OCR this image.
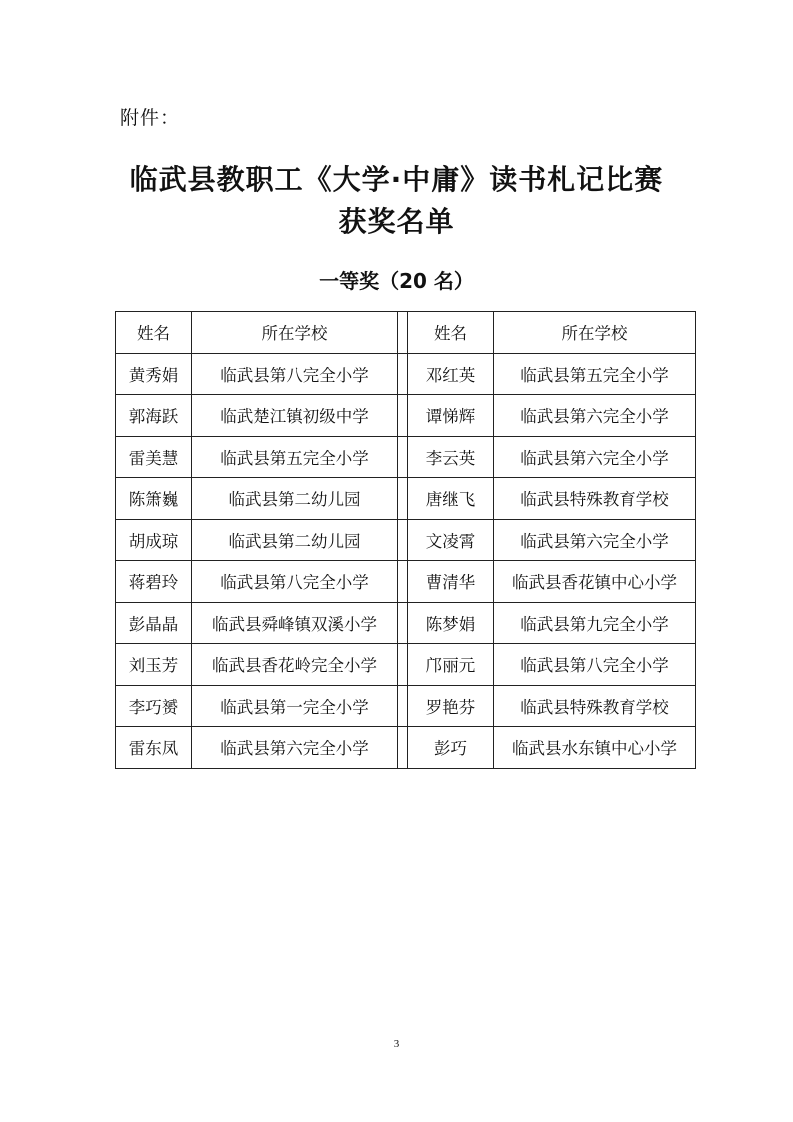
附件：
临武县教职工《大学·中庸》读书札记比赛
获奖名单
一等奖（20 名）
姓名	所在学校		姓名	所在学校
黄秀娟	临武县第八完全小学		邓红英	临武县第五完全小学
郭海跃	临武楚江镇初级中学		谭悌辉	临武县第六完全小学
雷美慧	临武县第五完全小学		李云英	临武县第六完全小学
陈箫巍	临武县第二幼儿园		唐继飞	临武县特殊教育学校
胡成琼	临武县第二幼儿园		文凌霄	临武县第六完全小学
蒋碧玲	临武县第八完全小学		曹清华	临武县香花镇中心小学
彭晶晶	临武县舜峰镇双溪小学		陈梦娟	临武县第九完全小学
刘玉芳	临武县香花岭完全小学		邝丽元	临武县第八完全小学
李巧赟	临武县第一完全小学		罗艳芬	临武县特殊教育学校
雷东凤	临武县第六完全小学		彭巧	临武县水东镇中心小学
3
